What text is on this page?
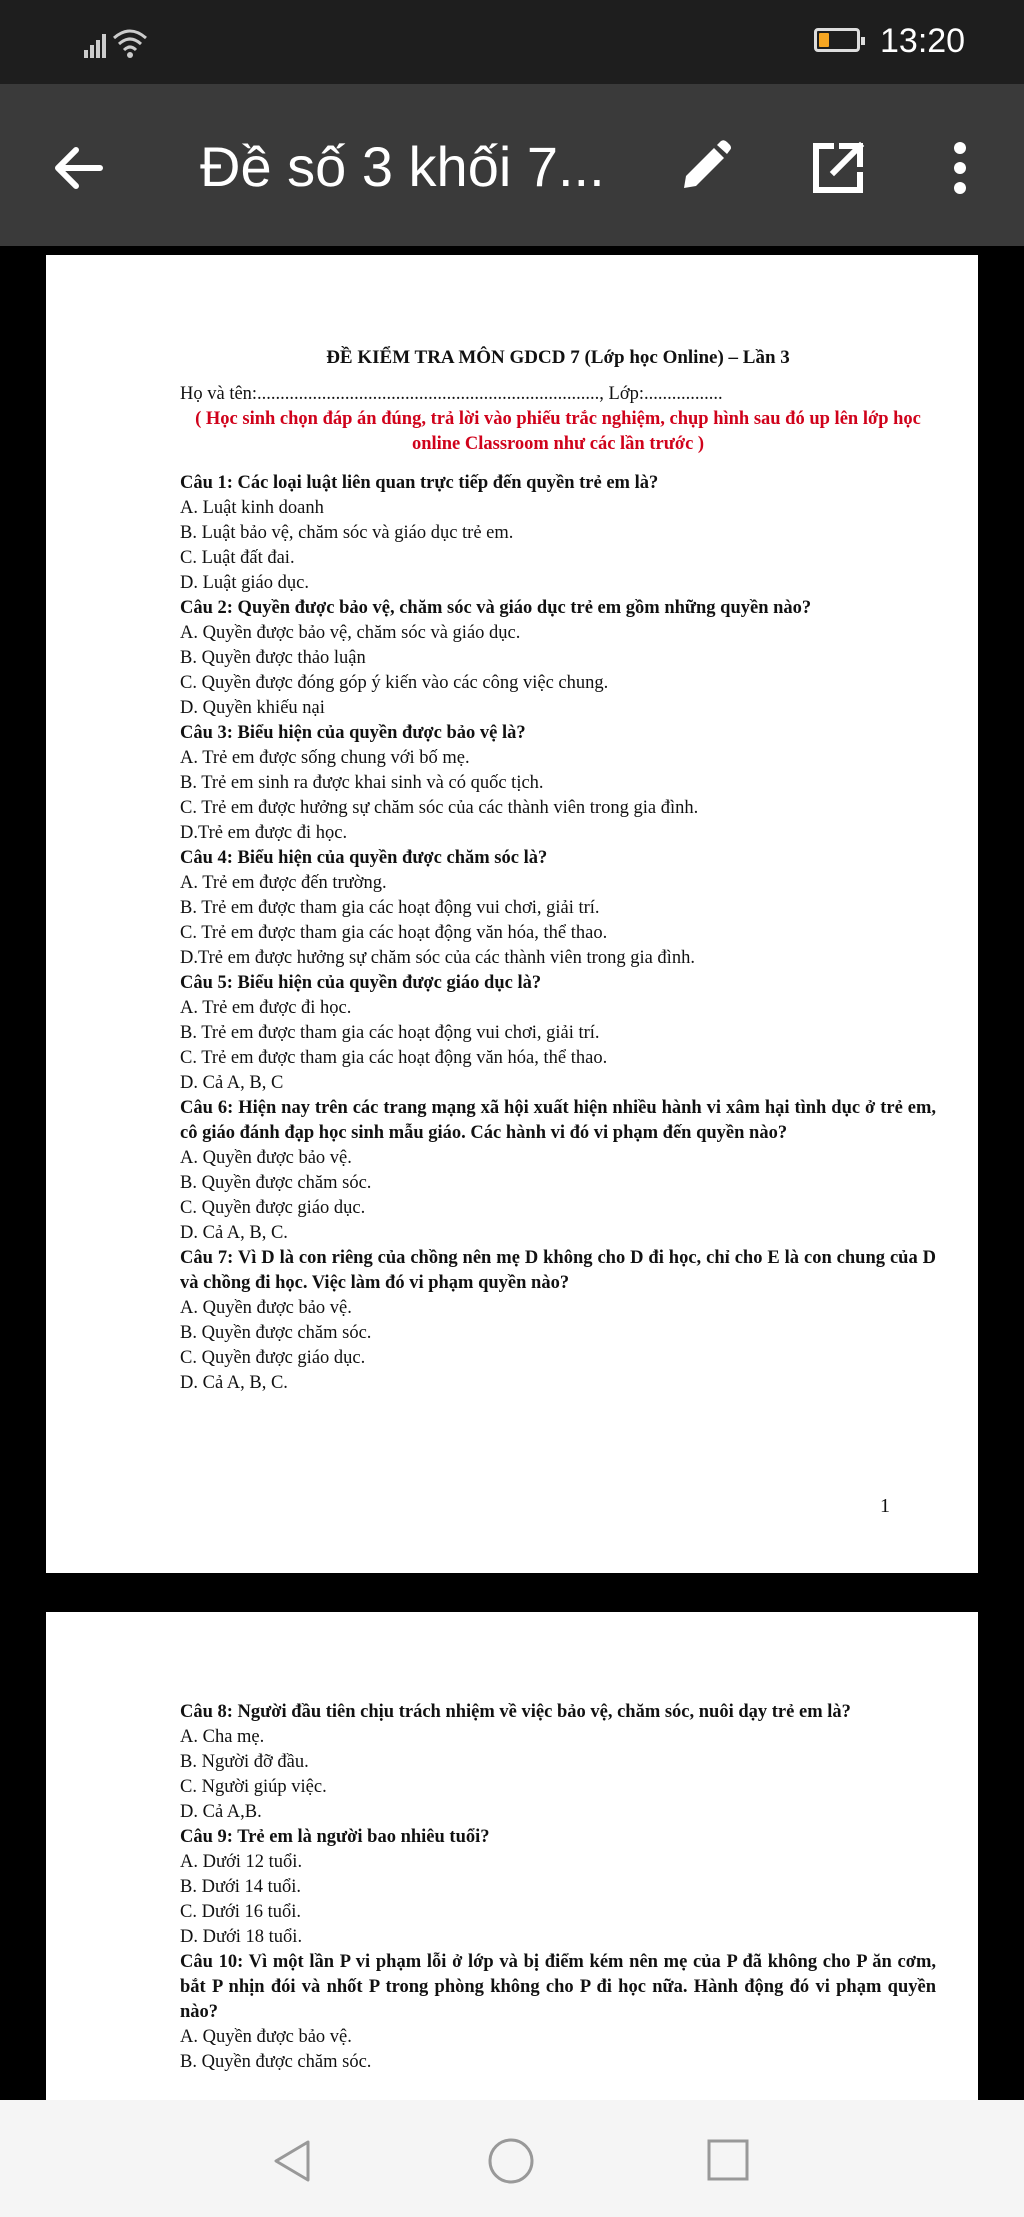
13:20
Đề số 3 khối 7...
ĐỀ KIỂM TRA MÔN GDCD 7 (Lớp học Online) – Lần 3
Họ và tên:.........................................................................., Lớp:.................
( Học sinh chọn đáp án đúng, trả lời vào phiếu trắc nghiệm, chụp hình sau đó up lên lớp học online Classroom như các lần trước )
Câu 1: Các loại luật liên quan trực tiếp đến quyền trẻ em là?
A. Luật kinh doanh
B. Luật bảo vệ, chăm sóc và giáo dục trẻ em.
C. Luật đất đai.
D. Luật giáo dục.
Câu 2: Quyền được bảo vệ, chăm sóc và giáo dục trẻ em gồm những quyền nào?
A. Quyền được bảo vệ, chăm sóc và giáo dục.
B. Quyền được thảo luận
C. Quyền được đóng góp ý kiến vào các công việc chung.
D. Quyền khiếu nại
Câu 3: Biểu hiện của quyền được bảo vệ là?
A. Trẻ em được sống chung với bố mẹ.
B. Trẻ em sinh ra được khai sinh và có quốc tịch.
C. Trẻ em được hưởng sự chăm sóc của các thành viên trong gia đình.
D.Trẻ em được đi học.
Câu 4: Biểu hiện của quyền được chăm sóc là?
A. Trẻ em được đến trường.
B. Trẻ em được tham gia các hoạt động vui chơi, giải trí.
C. Trẻ em được tham gia các hoạt động văn hóa, thể thao.
D.Trẻ em được hưởng sự chăm sóc của các thành viên trong gia đình.
Câu 5: Biểu hiện của quyền được giáo dục là?
A. Trẻ em được đi học.
B. Trẻ em được tham gia các hoạt động vui chơi, giải trí.
C. Trẻ em được tham gia các hoạt động văn hóa, thể thao.
D. Cả A, B, C
Câu 6: Hiện nay trên các trang mạng xã hội xuất hiện nhiều hành vi xâm hại tình dục ở trẻ em, cô giáo đánh đạp học sinh mẫu giáo. Các hành vi đó vi phạm đến quyền nào?
A. Quyền được bảo vệ.
B. Quyền được chăm sóc.
C. Quyền được giáo dục.
D. Cả A, B, C.
Câu 7: Vì D là con riêng của chồng nên mẹ D không cho D đi học, chỉ cho E là con chung của D và chồng đi học. Việc làm đó vi phạm quyền nào?
A. Quyền được bảo vệ.
B. Quyền được chăm sóc.
C. Quyền được giáo dục.
D. Cả A, B, C.
1
Câu 8: Người đầu tiên chịu trách nhiệm về việc bảo vệ, chăm sóc, nuôi dạy trẻ em là?
A. Cha mẹ.
B. Người đỡ đầu.
C. Người giúp việc.
D. Cả A,B.
Câu 9: Trẻ em là người bao nhiêu tuổi?
A. Dưới 12 tuổi.
B. Dưới 14 tuổi.
C. Dưới 16 tuổi.
D. Dưới 18 tuổi.
Câu 10: Vì một lần P vi phạm lỗi ở lớp và bị điểm kém nên mẹ của P đã không cho P ăn cơm, bắt P nhịn đói và nhốt P trong phòng không cho P đi học nữa. Hành động đó vi phạm quyền nào?
A. Quyền được bảo vệ.
B. Quyền được chăm sóc.
